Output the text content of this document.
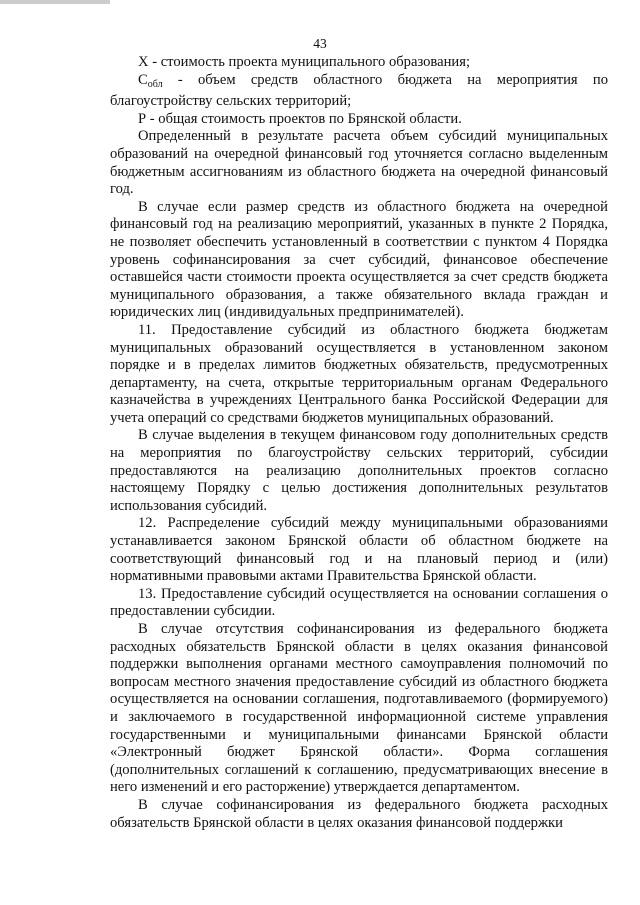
43

X - стоимость проекта муниципального образования;

$С_{обл}$ - объем средств областного бюджета на мероприятия по благоустройству сельских территорий;

Р - общая стоимость проектов по Брянской области.

Определенный в результате расчета объем субсидий муниципальных образований на очередной финансовый год уточняется согласно выделенным бюджетным ассигнованиям из областного бюджета на очередной финансовый год.

В случае если размер средств из областного бюджета на очередной финансовый год на реализацию мероприятий, указанных в пункте 2 Порядка, не позволяет обеспечить установленный в соответствии с пунктом 4 Порядка уровень софинансирования за счет субсидий, финансовое обеспечение оставшейся части стоимости проекта осуществляется за счет средств бюджета муниципального образования, а также обязательного вклада граждан и юридических лиц (индивидуальных предпринимателей).

11. Предоставление субсидий из областного бюджета бюджетам муниципальных образований осуществляется в установленном законом порядке и в пределах лимитов бюджетных обязательств, предусмотренных департаменту, на счета, открытые территориальным органам Федерального казначейства в учреждениях Центрального банка Российской Федерации для учета операций со средствами бюджетов муниципальных образований.

В случае выделения в текущем финансовом году дополнительных средств на мероприятия по благоустройству сельских территорий, субсидии предоставляются на реализацию дополнительных проектов согласно настоящему Порядку с целью достижения дополнительных результатов использования субсидий.

12. Распределение субсидий между муниципальными образованиями устанавливается законом Брянской области об областном бюджете на соответствующий финансовый год и на плановый период и (или) нормативными правовыми актами Правительства Брянской области.

13. Предоставление субсидий осуществляется на основании соглашения о предоставлении субсидии.

В случае отсутствия софинансирования из федерального бюджета расходных обязательств Брянской области в целях оказания финансовой поддержки выполнения органами местного самоуправления полномочий по вопросам местного значения предоставление субсидий из областного бюджета осуществляется на основании соглашения, подготавливаемого (формируемого) и заключаемого в государственной информационной системе управления государственными и муниципальными финансами Брянской области «Электронный бюджет Брянской области». Форма соглашения (дополнительных соглашений к соглашению, предусматривающих внесение в него изменений и его расторжение) утверждается департаментом.

В случае софинансирования из федерального бюджета расходных обязательств Брянской области в целях оказания финансовой поддержки
